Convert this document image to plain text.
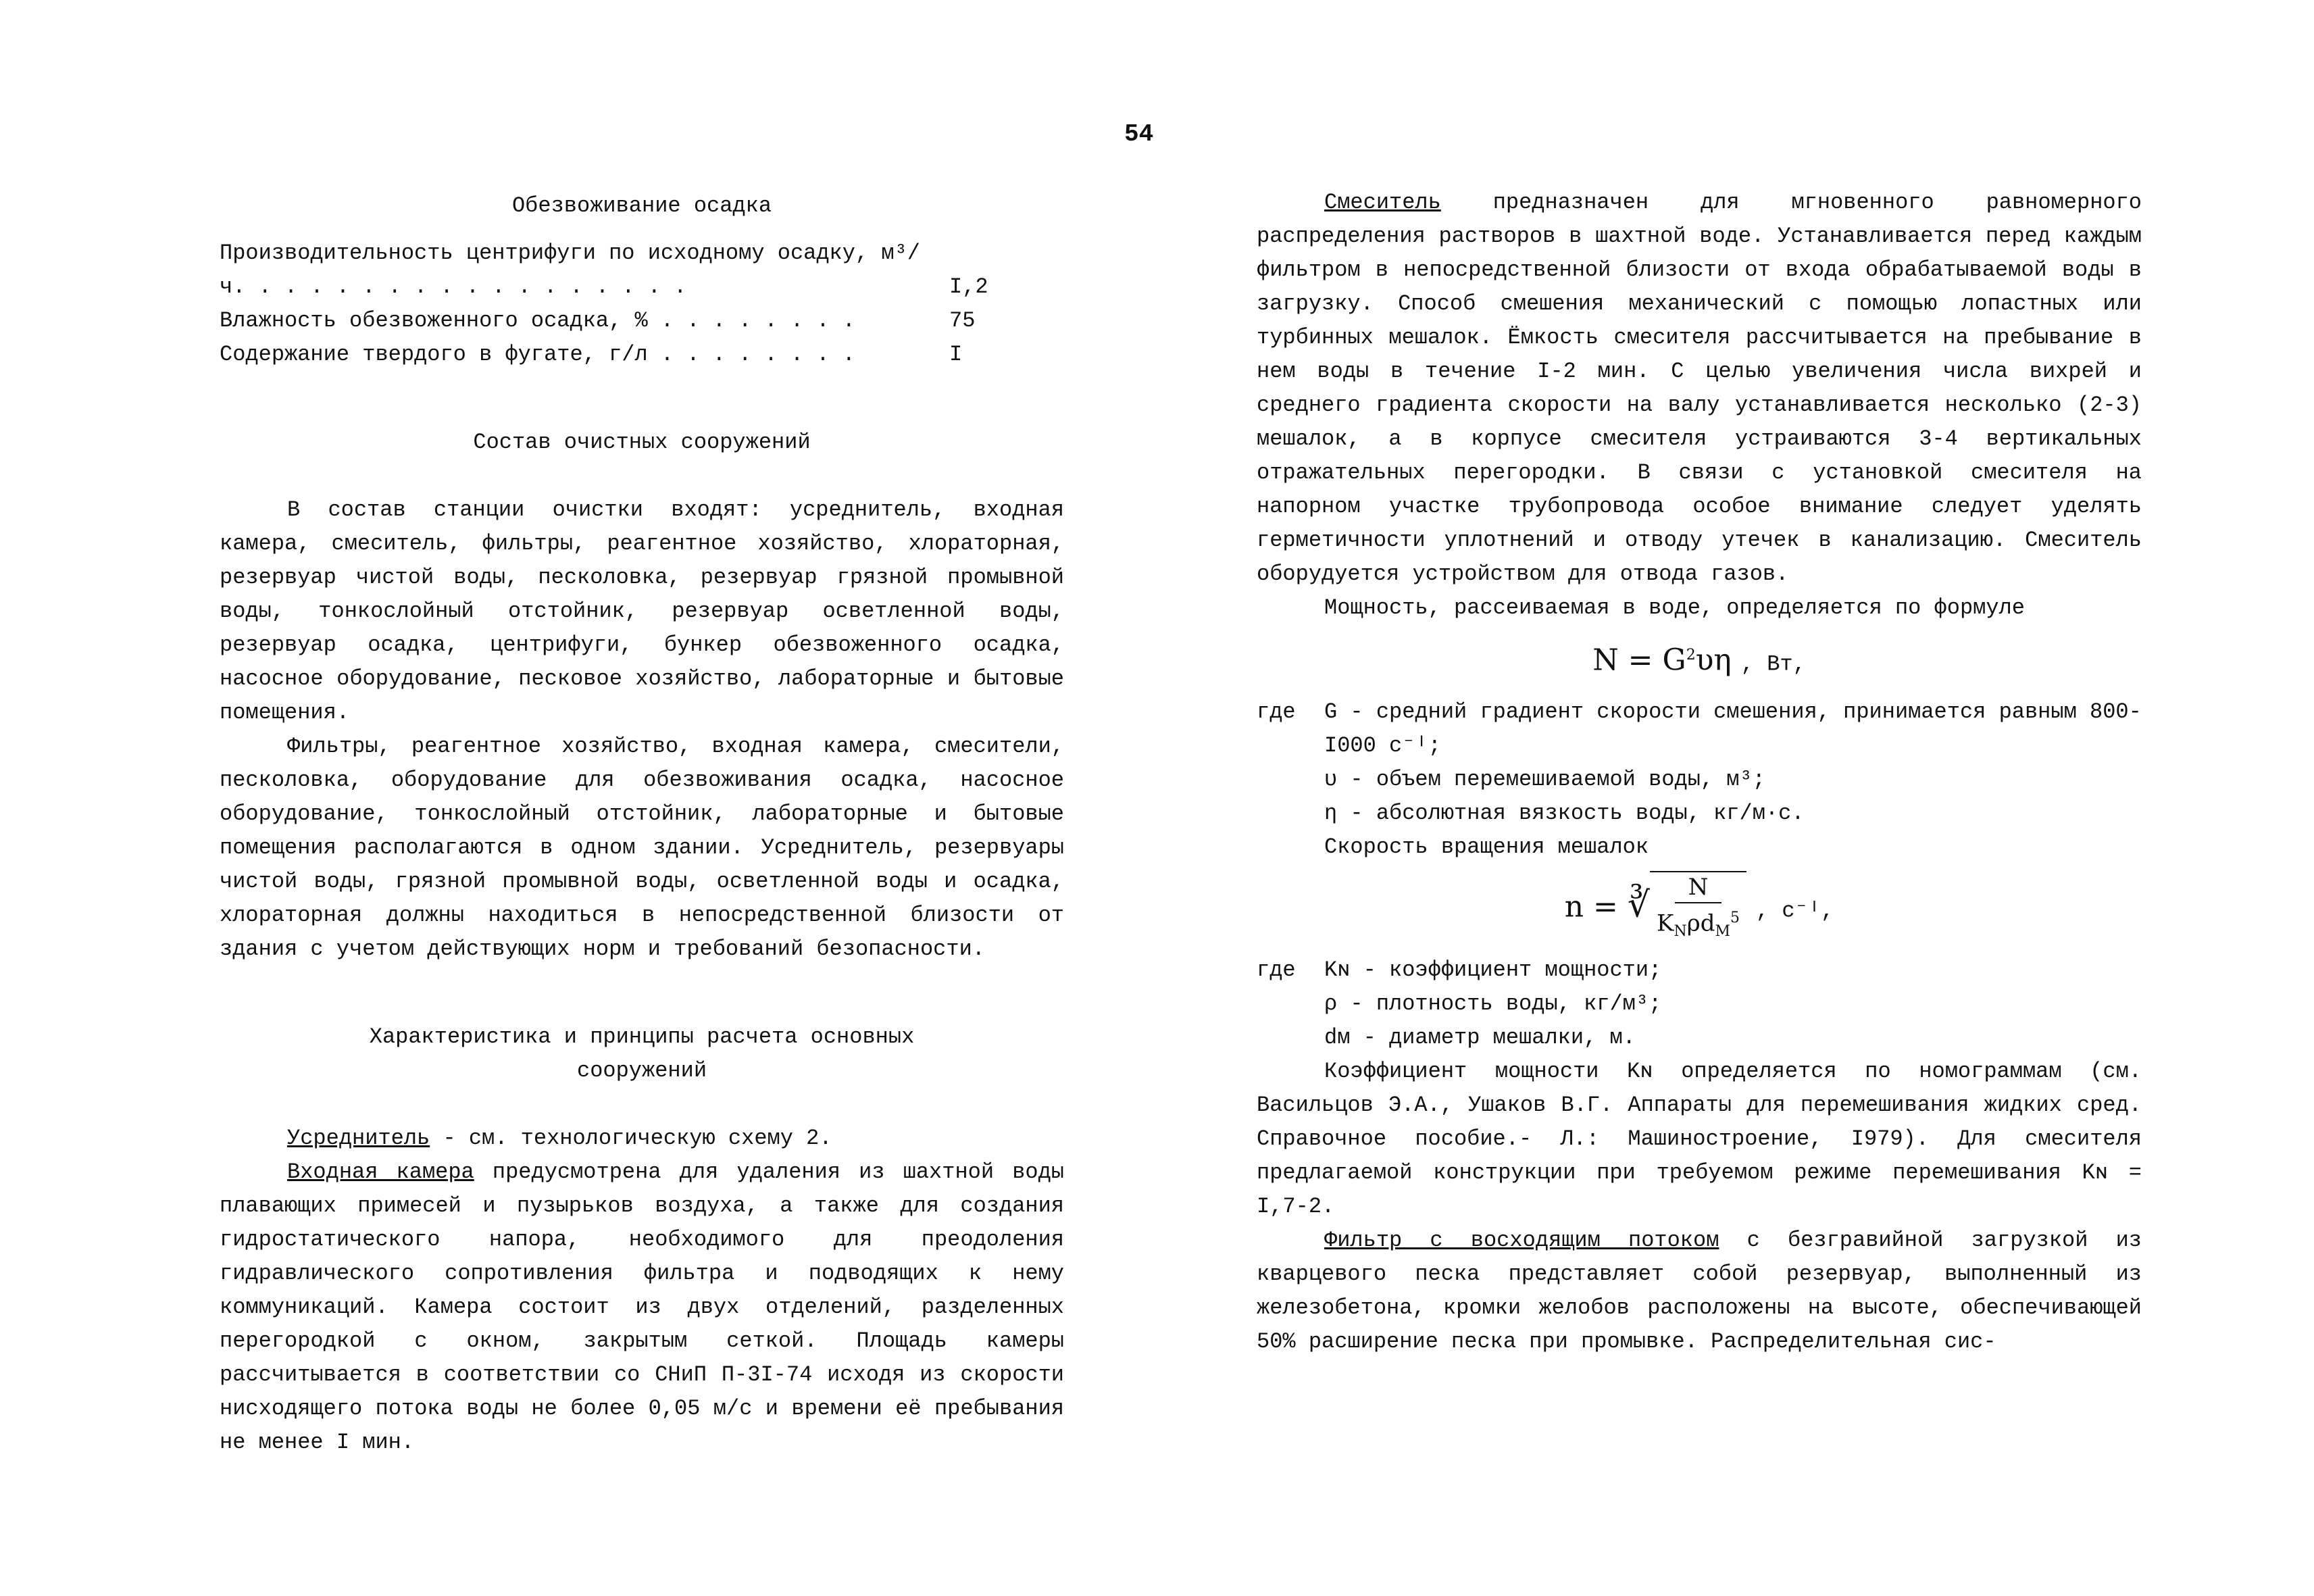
54
Обезвоживание осадка
Производительность центрифуги по исходному осадку, м³/ч. . . . . . . . . . . . . . . . . .	I,2
Влажность обезвоженного осадка, % . . . . . . . .	75
Содержание твердого в фугате, г/л . . . . . . . .	I
Состав очистных сооружений

В состав станции очистки входят: усреднитель, входная камера, смеситель, фильтры, реагентное хозяйство, хлораторная, резервуар чистой воды, песколовка, резервуар грязной промывной воды, тонкослойный отстойник, резервуар осветленной воды, резервуар осадка, центрифуги, бункер обезвоженного осадка, насосное оборудование, песковое хозяйство, лабораторные и бытовые помещения.

Фильтры, реагентное хозяйство, входная камера, смесители, песколовка, оборудование для обезвоживания осадка, насосное оборудование, тонкослойный отстойник, лабораторные и бытовые помещения располагаются в одном здании. Усреднитель, резервуары чистой воды, грязной промывной воды, осветленной воды и осадка, хлораторная должны находиться в непосредственной близости от здания с учетом действующих норм и требований безопасности.

Характеристика и принципы расчета основных
сооружений

Усреднитель - см. технологическую схему 2.

Входная камера предусмотрена для удаления из шахтной воды плавающих примесей и пузырьков воздуха, а также для создания гидростатического напора, необходимого для преодоления гидравлического сопротивления фильтра и подводящих к нему коммуникаций. Камера состоит из двух отделений, разделенных перегородкой с окном, закрытым сеткой. Площадь камеры рассчитывается в соответствии со СНиП П-3I-74 исходя из скорости нисходящего потока воды не более 0,05 м/с и времени её пребывания не менее I мин.

Смеситель предназначен для мгновенного равномерного распределения растворов в шахтной воде. Устанавливается перед каждым фильтром в непосредственной близости от входа обрабатываемой воды в загрузку. Способ смешения механический с помощью лопастных или турбинных мешалок. Ёмкость смесителя рассчитывается на пребывание в нем воды в течение I-2 мин. С целью увеличения числа вихрей и среднего градиента скорости на валу устанавливается несколько (2-3) мешалок, а в корпусе смесителя устраиваются 3-4 вертикальных отражательных перегородки. В связи с установкой смесителя на напорном участке трубопровода особое внимание следует уделять герметичности уплотнений и отводу утечек в канализацию. Смеситель оборудуется устройством для отвода газов.

Мощность, рассеиваемая в воде, определяется по формуле

$N = G^2\upsilon\eta$ , Вт,
где	G - средний градиент скорости смешения, принимается равным 800-I000 c⁻ᴵ;
υ - объем перемешиваемой воды, м³;
η - абсолютная вязкость воды, кг/м·с.

Скорость вращения мешалок

n = ∛ $\frac{N}{K_N\rho d_M^5}$ , c⁻ᴵ,
где	Kɴ - коэффициент мощности;
ρ - плотность воды, кг/м³;
dм - диаметр мешалки, м.

Коэффициент мощности Kɴ определяется по номограммам (см. Васильцов Э.А., Ушаков В.Г. Аппараты для перемешивания жидких сред. Справочное пособие.- Л.: Машиностроение, I979). Для смесителя предлагаемой конструкции при требуемом режиме перемешивания Kɴ = I,7-2.

Фильтр с восходящим потоком с безгравийной загрузкой из кварцевого песка представляет собой резервуар, выполненный из железобетона, кромки желобов расположены на высоте, обеспечивающей 50% расширение песка при промывке. Распределительная сис-
